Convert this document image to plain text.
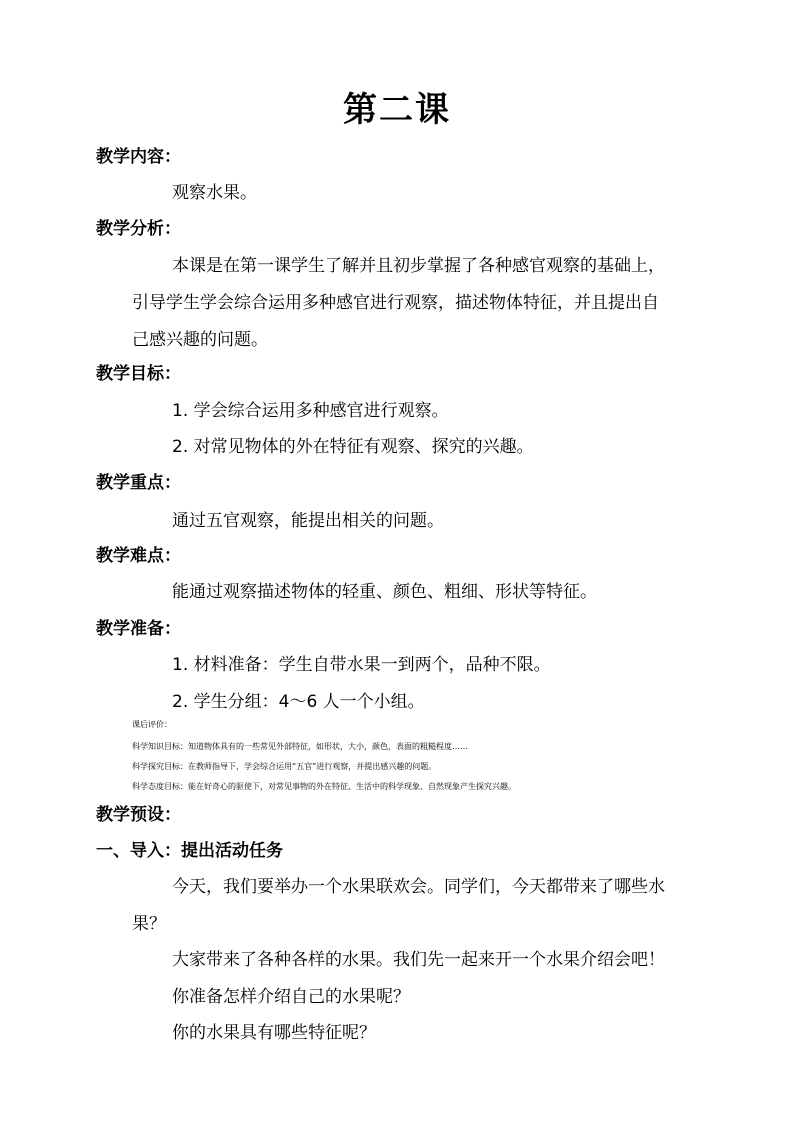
第二课
教学内容：
观察水果。
教学分析：
本课是在第一课学生了解并且初步掌握了各种感官观察的基础上，
引导学生学会综合运用多种感官进行观察，描述物体特征，并且提出自
己感兴趣的问题。
教学目标：
1. 学会综合运用多种感官进行观察。
2. 对常见物体的外在特征有观察、探究的兴趣。
教学重点：
通过五官观察，能提出相关的问题。
教学难点：
能通过观察描述物体的轻重、颜色、粗细、形状等特征。
教学准备：
1. 材料准备：学生自带水果一到两个，品种不限。
2. 学生分组：4～6 人一个小组。
课后评价：
科学知识目标：知道物体具有的一些常见外部特征，如形状，大小，颜色，表面的粗糙程度……
科学探究目标：在教师指导下，学会综合运用“五官”进行观察，并提出感兴趣的问题。
科学态度目标：能在好奇心的驱使下，对常见事物的外在特征、生活中的科学现象、自然现象产生探究兴趣。
教学预设：
一、导入：提出活动任务
今天，我们要举办一个水果联欢会。同学们，今天都带来了哪些水
果？
大家带来了各种各样的水果。我们先一起来开一个水果介绍会吧！
你准备怎样介绍自己的水果呢？
你的水果具有哪些特征呢？
